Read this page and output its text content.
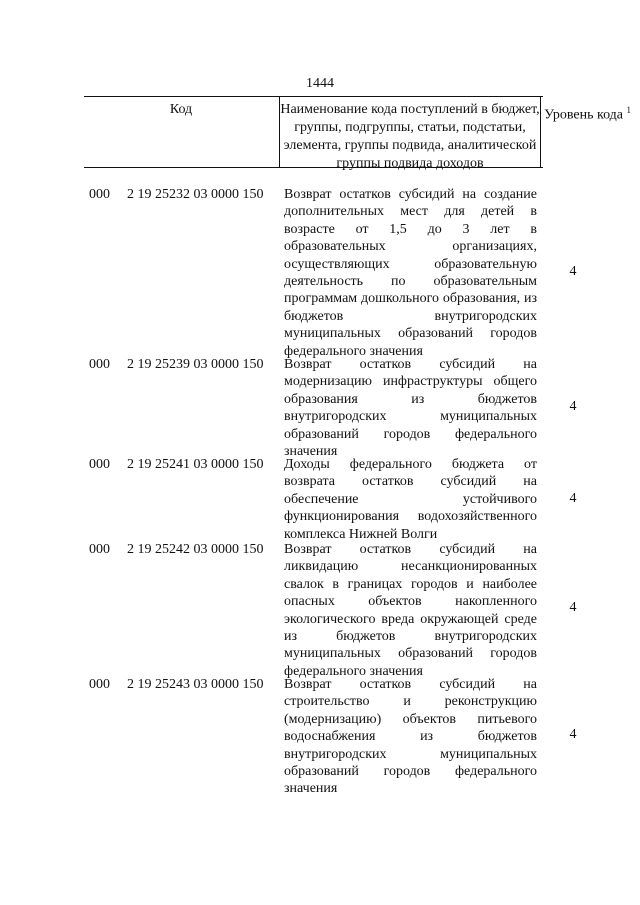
1444
Код	Наименование кода поступлений в бюджет, группы, подгруппы, статьи, подстатьи, элемента, группы подвида, аналитической группы подвида доходов
Уровень кода $^1$
000 2 19 25232 03 0000 150 Возврат остатков субсидий на создание дополнительных мест для детей в возрасте от 1,5 до 3 лет в образовательных организациях, осуществляющих образовательную деятельность по образовательным программам дошкольного образования, из бюджетов внутригородских муниципальных образований городов федерального значения
4
000 2 19 25239 03 0000 150 Возврат остатков субсидий на модернизацию инфраструктуры общего образования из бюджетов внутригородских муниципальных образований городов федерального значения
4
000 2 19 25241 03 0000 150 Доходы федерального бюджета от возврата остатков субсидий на обеспечение устойчивого функционирования водохозяйственного комплекса Нижней Волги
4
000 2 19 25242 03 0000 150 Возврат остатков субсидий на ликвидацию несанкционированных свалок в границах городов и наиболее опасных объектов накопленного экологического вреда окружающей среде из бюджетов внутригородских муниципальных образований городов федерального значения
4
000 2 19 25243 03 0000 150 Возврат остатков субсидий на строительство и реконструкцию (модернизацию) объектов питьевого водоснабжения из бюджетов внутригородских муниципальных образований городов федерального значения
4
